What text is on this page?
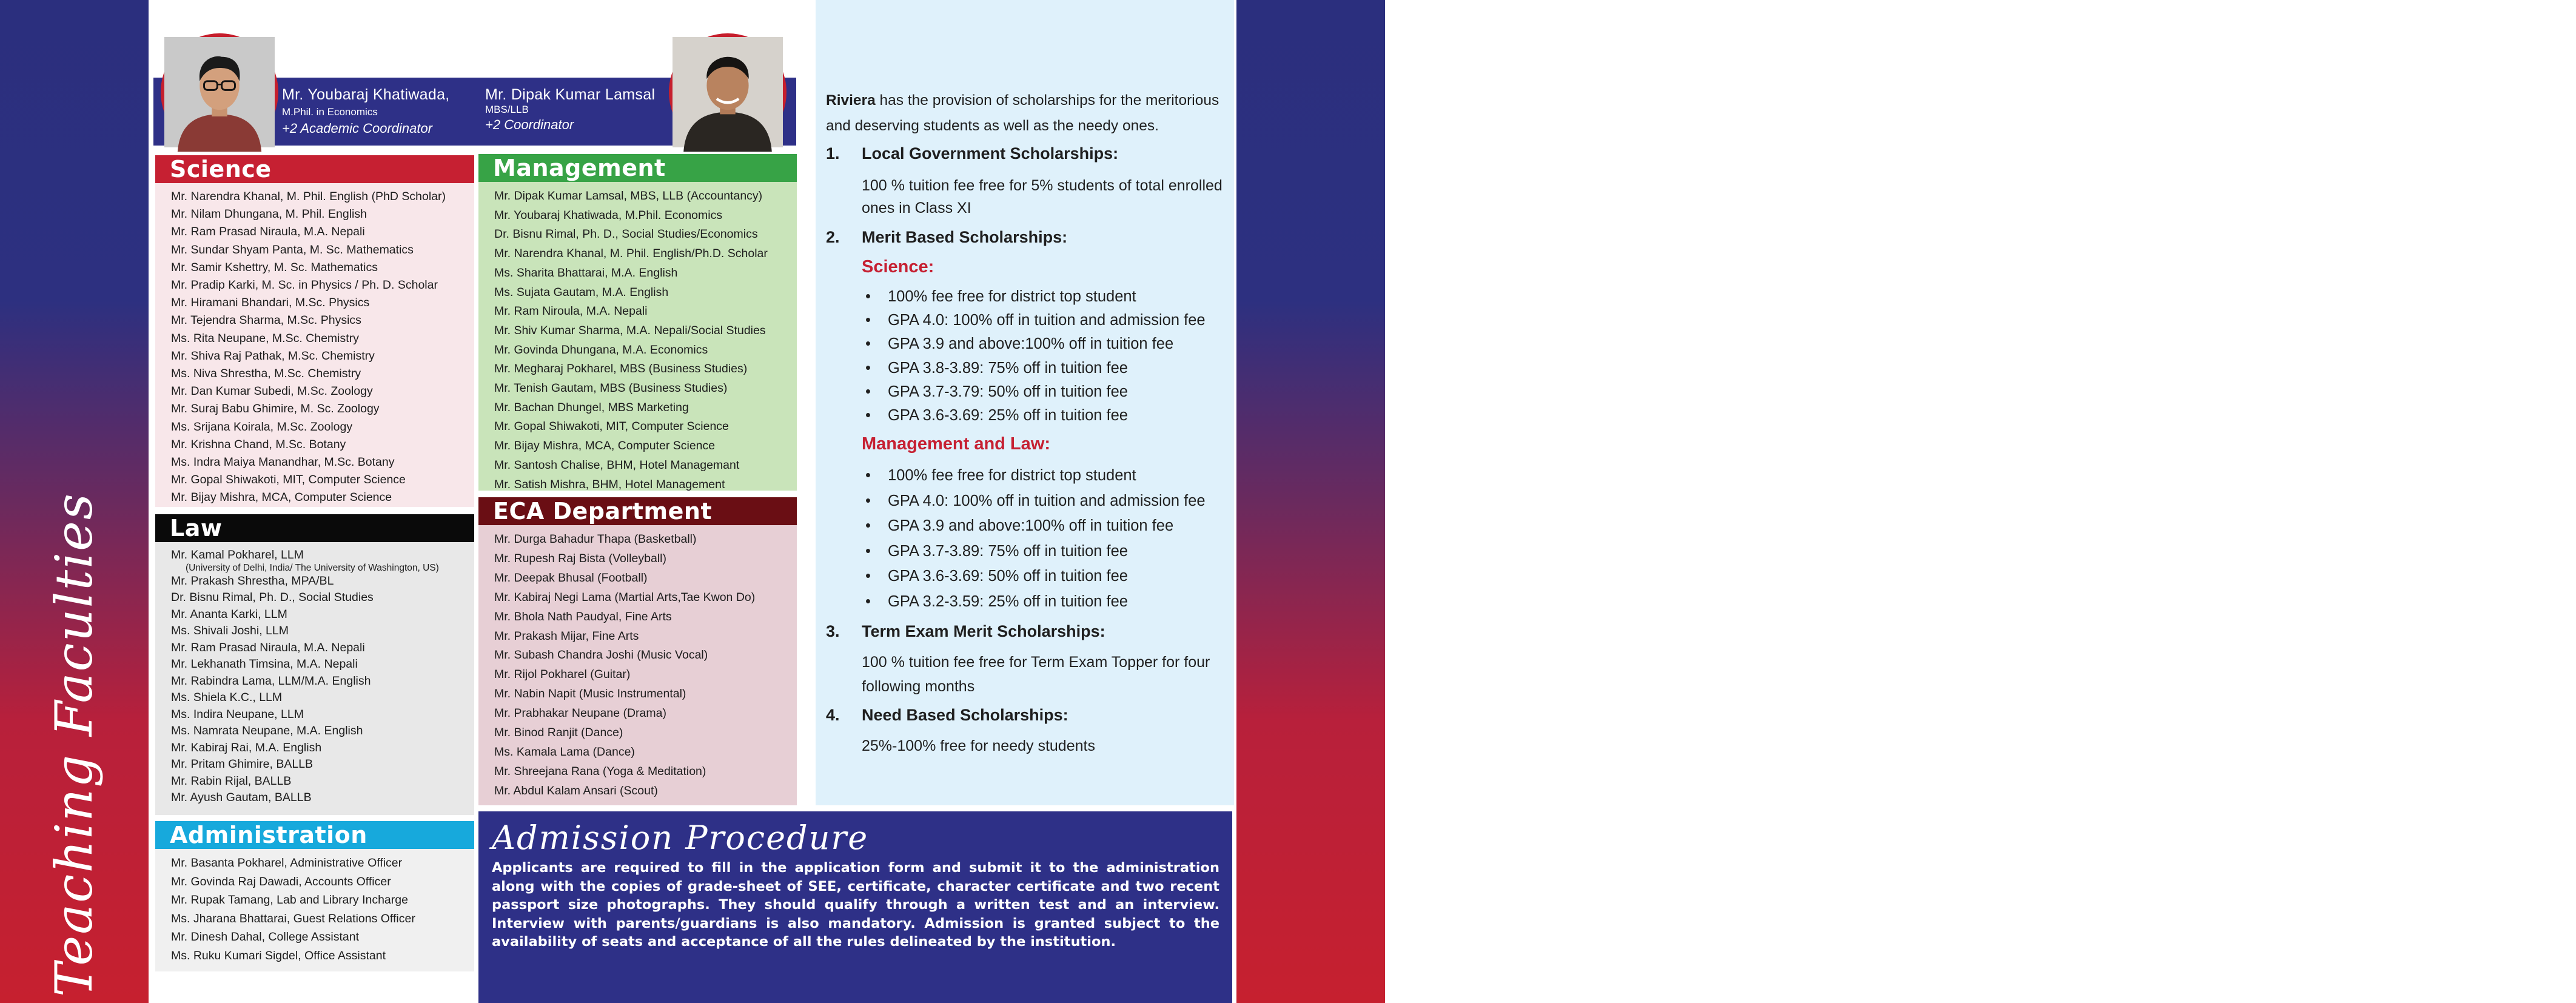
Teaching Faculties
Scholarships
Mr. Youbaraj Khatiwada,
M.Phil. in Economics
+2 Academic Coordinator
Mr. Dipak Kumar Lamsal
MBS/LLB
+2 Coordinator
Science
Mr. Narendra Khanal, M. Phil. English (PhD Scholar)
Mr. Nilam Dhungana, M. Phil. English
Mr. Ram Prasad Niraula, M.A. Nepali
Mr. Sundar Shyam Panta, M. Sc. Mathematics
Mr. Samir Kshettry, M. Sc. Mathematics
Mr. Pradip Karki, M. Sc. in Physics / Ph. D. Scholar
Mr. Hiramani Bhandari, M.Sc. Physics
Mr. Tejendra Sharma, M.Sc. Physics
Ms. Rita Neupane, M.Sc. Chemistry
Mr. Shiva Raj Pathak, M.Sc. Chemistry
Ms. Niva Shrestha, M.Sc. Chemistry
Mr. Dan Kumar Subedi, M.Sc. Zoology
Mr. Suraj Babu Ghimire, M. Sc. Zoology
Ms. Srijana Koirala, M.Sc. Zoology
Mr. Krishna Chand, M.Sc. Botany
Ms. Indra Maiya Manandhar, M.Sc. Botany
Mr. Gopal Shiwakoti, MIT, Computer Science
Mr. Bijay Mishra, MCA, Computer Science
Management
Mr. Dipak Kumar Lamsal, MBS, LLB (Accountancy)
Mr. Youbaraj Khatiwada, M.Phil. Economics
Dr. Bisnu Rimal, Ph. D., Social Studies/Economics
Mr. Narendra Khanal, M. Phil. English/Ph.D. Scholar
Ms. Sharita Bhattarai, M.A. English
Ms. Sujata Gautam, M.A. English
Mr. Ram Niroula, M.A. Nepali
Mr. Shiv Kumar Sharma, M.A. Nepali/Social Studies
Mr. Govinda Dhungana, M.A. Economics
Mr. Megharaj Pokharel, MBS (Business Studies)
Mr. Tenish Gautam, MBS (Business Studies)
Mr. Bachan Dhungel, MBS Marketing
Mr. Gopal Shiwakoti, MIT, Computer Science
Mr. Bijay Mishra, MCA, Computer Science
Mr. Santosh Chalise, BHM, Hotel Managemant
Mr. Satish Mishra, BHM, Hotel Management
Law
Mr. Kamal Pokharel, LLM
(University of Delhi, India/ The University of Washington, US)
Mr. Prakash Shrestha, MPA/BL
Dr. Bisnu Rimal, Ph. D., Social Studies
Mr. Ananta Karki, LLM
Ms. Shivali Joshi, LLM
Mr. Ram Prasad Niraula, M.A. Nepali
Mr. Lekhanath Timsina, M.A. Nepali
Mr. Rabindra Lama, LLM/M.A. English
Ms. Shiela K.C., LLM
Ms. Indira Neupane, LLM
Ms. Namrata Neupane, M.A. English
Mr. Kabiraj Rai, M.A. English
Mr. Pritam Ghimire, BALLB
Mr. Rabin Rijal, BALLB
Mr. Ayush Gautam, BALLB
ECA Department
Mr. Durga Bahadur Thapa (Basketball)
Mr. Rupesh Raj Bista (Volleyball)
Mr. Deepak Bhusal (Football)
Mr. Kabiraj Negi Lama (Martial Arts,Tae Kwon Do)
Mr. Bhola Nath Paudyal, Fine Arts
Mr. Prakash Mijar, Fine Arts
Mr. Subash Chandra Joshi (Music Vocal)
Mr. Rijol Pokharel (Guitar)
Mr. Nabin Napit (Music Instrumental)
Mr. Prabhakar Neupane (Drama)
Mr. Binod Ranjit (Dance)
Ms. Kamala Lama (Dance)
Mr. Shreejana Rana (Yoga & Meditation)
Mr. Abdul Kalam Ansari (Scout)
Administration
Mr. Basanta Pokharel, Administrative Officer
Mr. Govinda Raj Dawadi, Accounts Officer
Mr. Rupak Tamang, Lab and Library Incharge
Ms. Jharana Bhattarai, Guest Relations Officer
Mr. Dinesh Dahal, College Assistant
Ms. Ruku Kumari Sigdel, Office Assistant
Admission Procedure
Applicants are required to fill in the application form and submit it to the administration along with the copies of grade-sheet of SEE, certificate, character certificate and two recent passport size photographs. They should qualify through a written test and an interview. Interview with parents/guardians is also mandatory. Admission is granted subject to the availability of seats and acceptance of all the rules delineated by the institution.
Riviera has the provision of scholarships for the meritorious and deserving students as well as the needy ones.
1. Local Government Scholarships:
100 % tuition fee free for 5% students of total enrolled ones in Class XI
2. Merit Based Scholarships:
Science:
• 100% fee free for district top student
• GPA 4.0: 100% off in tuition and admission fee
• GPA 3.9 and above:100% off in tuition fee
• GPA 3.8-3.89: 75% off in tuition fee
• GPA 3.7-3.79: 50% off in tuition fee
• GPA 3.6-3.69: 25% off in tuition fee
Management and Law:
• 100% fee free for district top student
• GPA 4.0: 100% off in tuition and admission fee
• GPA 3.9 and above:100% off in tuition fee
• GPA 3.7-3.89: 75% off in tuition fee
• GPA 3.6-3.69: 50% off in tuition fee
• GPA 3.2-3.59: 25% off in tuition fee
3. Term Exam Merit Scholarships:
100 % tuition fee free for Term Exam Topper for four following months
4. Need Based Scholarships:
25%-100% free for needy students
